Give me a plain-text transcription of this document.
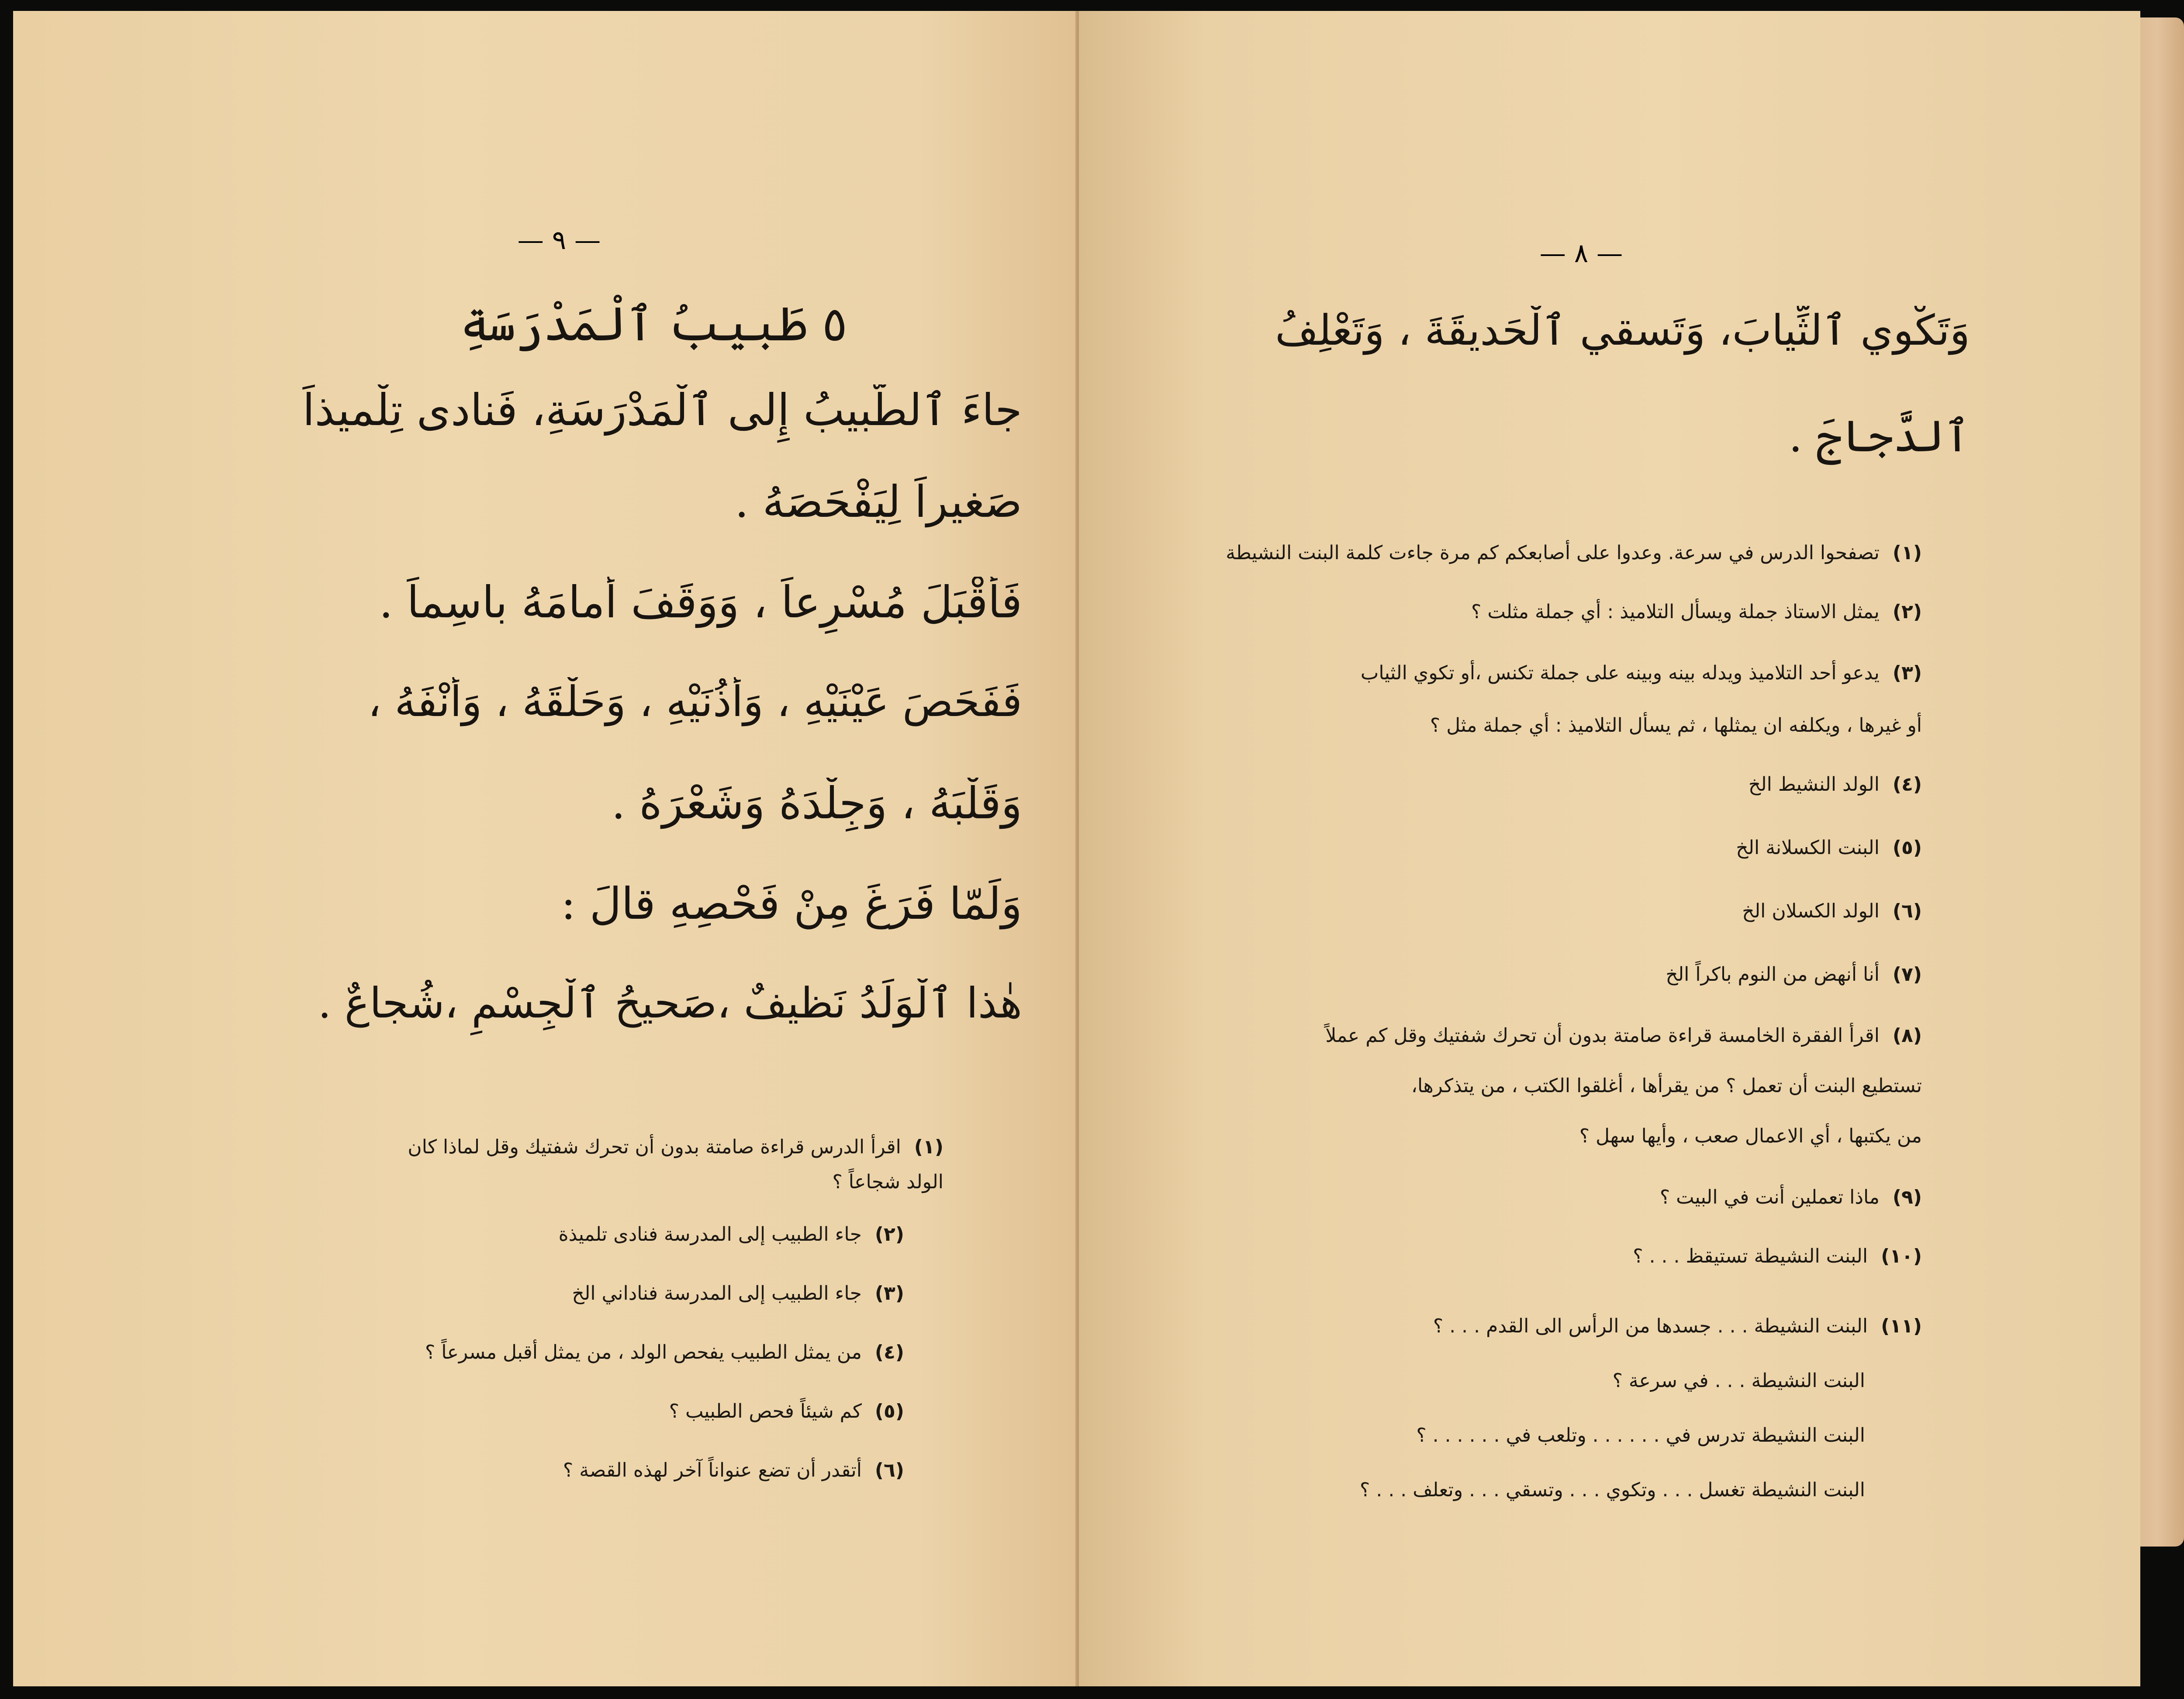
— ٩ —	— ٨ —
٥ طَبيبُ ٱلْمَدْرَسَةِ
جاءَ ٱلطَّبيبُ إِلى ٱلْمَدْرَسَةِ، فَنادى تِلْميذاً
صَغيراً لِيَفْحَصَهُ .
فَأَقْبَلَ مُسْرِعاً ، وَوَقَفَ أَمامَهُ باسِماً .
فَفَحَصَ عَيْنَيْهِ ، وَأُذُنَيْهِ ، وَحَلْقَهُ ، وَأَنْفَهُ ،
وَقَلْبَهُ ، وَجِلْدَهُ وَشَعْرَهُ .
وَلَمّا فَرَغَ مِنْ فَحْصِهِ قالَ :
هٰذا ٱلْوَلَدُ نَظيفٌ ،صَحيحُ ٱلْجِسْمِ ،شُجاعٌ .
(١)
اقرأ الدرس قراءة صامتة بدون أن تحرك شفتيك وقل لماذا كان
الولد شجاعاً ؟
(٢)
جاء الطبيب إلى المدرسة فنادى تلميذة
(٣)
جاء الطبيب إلى المدرسة فناداني الخ
(٤)
من يمثل الطبيب يفحص الولد ، من يمثل أقبل مسرعاً ؟
(٥)
كم شيئاً فحص الطبيب ؟
(٦)
أتقدر أن تضع عنواناً آخر لهذه القصة ؟
وَتَكْوي ٱلثِّيابَ، وَتَسقي ٱلْحَديقَةَ ، وَتَعْلِفُ
ٱلدَّجاجَ .
(١)
تصفحوا الدرس في سرعة. وعدوا على أصابعكم كم مرة جاءت كلمة البنت النشيطة
(٢)
يمثل الاستاذ جملة ويسأل التلاميذ : أي جملة مثلت ؟
(٣)
يدعو أحد التلاميذ ويدله بينه وبينه على جملة تكنس ،أو تكوي الثياب
أو غيرها ، ويكلفه ان يمثلها ، ثم يسأل التلاميذ : أي جملة مثل ؟
(٤)
الولد النشيط الخ
(٥)
البنت الكسلانة الخ
(٦)
الولد الكسلان الخ
(٧)
أنا أنهض من النوم باكراً الخ
(٨)
اقرأ الفقرة الخامسة قراءة صامتة بدون أن تحرك شفتيك وقل كم عملاً
تستطيع البنت أن تعمل ؟ من يقرأها ، أغلقوا الكتب ، من يتذكرها،
من يكتبها ، أي الاعمال صعب ، وأيها سهل ؟
(٩)
ماذا تعملين أنت في البيت ؟
(١٠)
البنت النشيطة تستيقظ . . . ؟
(١١)
البنت النشيطة . . . جسدها من الرأس الى القدم . . . ؟
البنت النشيطة . . . في سرعة ؟
البنت النشيطة تدرس في . . . . . . وتلعب في . . . . . . ؟
البنت النشيطة تغسل . . . وتكوي . . . وتسقي . . . وتعلف . . . ؟
